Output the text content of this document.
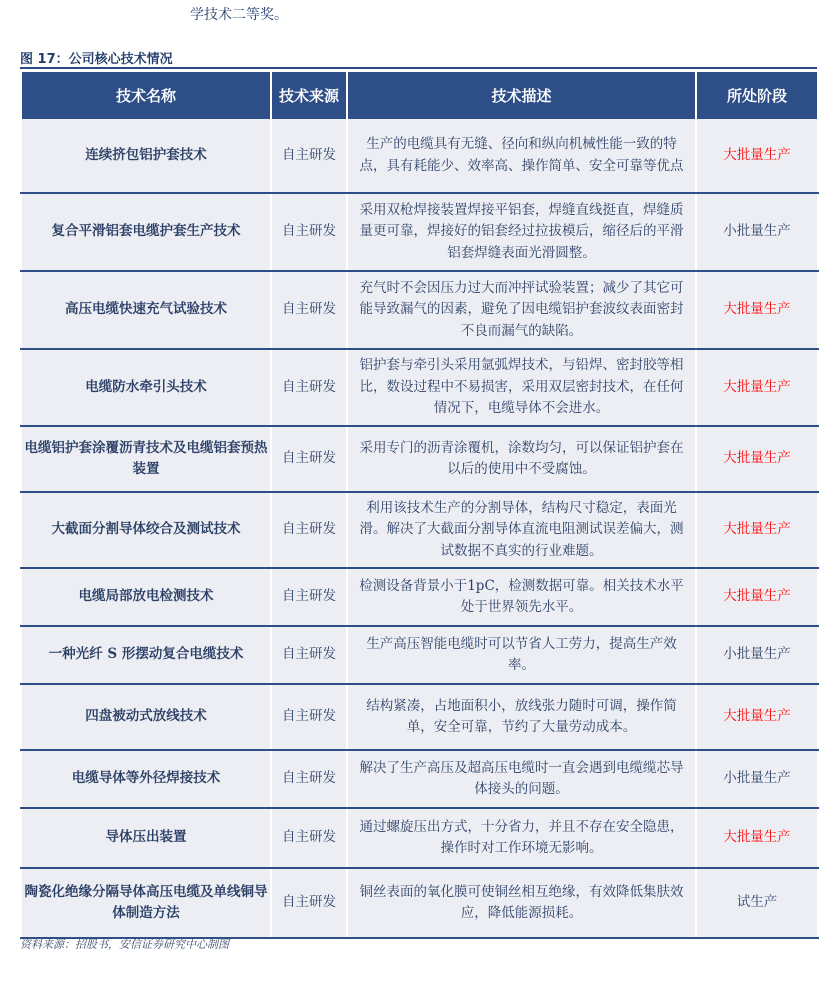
学技术二等奖。
图 17：公司核心技术情况
技术名称	技术来源	技术描述	所处阶段
连续挤包铝护套技术	自主研发	生产的电缆具有无缝、径向和纵向机械性能一致的特点，具有耗能少、效率高、操作简单、安全可靠等优点	大批量生产
复合平滑铝套电缆护套生产技术	自主研发	采用双枪焊接装置焊接平铝套，焊缝直线挺直，焊缝质量更可靠，焊接好的铝套经过拉拔模后，缩径后的平滑铝套焊缝表面光滑圆整。	小批量生产
高压电缆快速充气试验技术	自主研发	充气时不会因压力过大而冲抨试验装置；减少了其它可能导致漏气的因素，避免了因电缆铝护套波纹表面密封不良而漏气的缺陷。	大批量生产
电缆防水牵引头技术	自主研发	铝护套与牵引头采用氩弧焊技术，与铅焊、密封胶等相比，数设过程中不易损害，采用双层密封技术，在任何情况下，电缆导体不会进水。	大批量生产
电缆铝护套涂覆沥青技术及电缆铝套预热装置	自主研发	采用专门的沥青涂覆机，涂数均匀，可以保证铝护套在以后的使用中不受腐蚀。	大批量生产
大截面分割导体绞合及测试技术	自主研发	利用该技术生产的分割导体，结构尺寸稳定，表面光滑。解决了大截面分割导体直流电阻测试误差偏大，测试数据不真实的行业难题。	大批量生产
电缆局部放电检测技术	自主研发	检测设备背景小于1pC，检测数据可靠。相关技术水平处于世界领先水平。	大批量生产
一种光纤 S 形摆动复合电缆技术	自主研发	生产高压智能电缆时可以节省人工劳力，提高生产效率。	小批量生产
四盘被动式放线技术	自主研发	结构紧凑，占地面积小，放线张力随时可调，操作简单，安全可靠，节约了大量劳动成本。	大批量生产
电缆导体等外径焊接技术	自主研发	解决了生产高压及超高压电缆时一直会遇到电缆缆芯导体接头的问题。	小批量生产
导体压出装置	自主研发	通过螺旋压出方式，十分省力，并且不存在安全隐患，操作时对工作环境无影响。	大批量生产
陶瓷化绝缘分隔导体高压电缆及单线铜导体制造方法	自主研发	铜丝表面的氧化膜可使铜丝相互绝缘，有效降低集肤效应，降低能源损耗。	试生产
资料来源：招股书，安信证券研究中心制图
